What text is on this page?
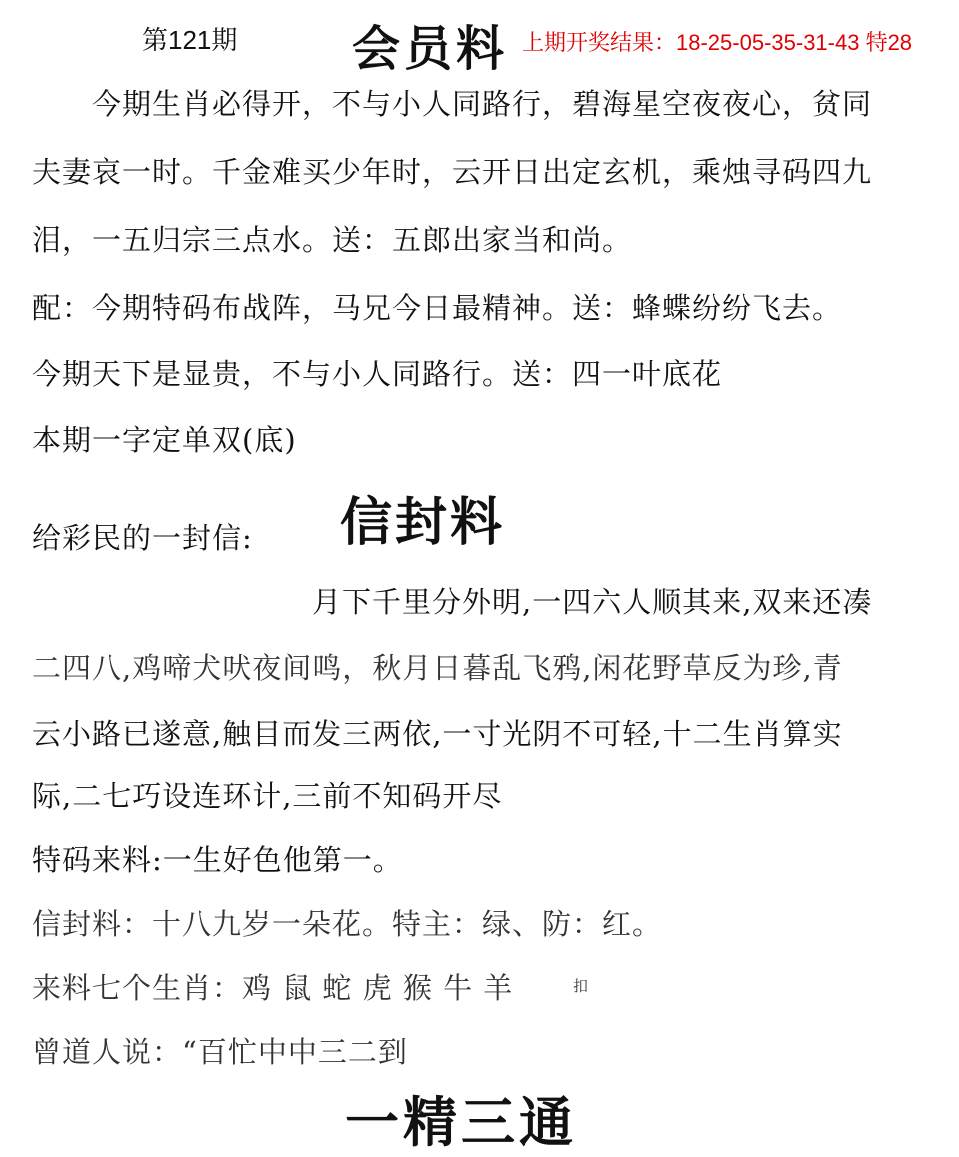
第121期 会员料 上期开奖结果：18-25-05-35-31-43 特28
今期生肖必得开，不与小人同路行，碧海星空夜夜心，贫同
夫妻哀一时。千金难买少年时，云开日出定玄机，乘烛寻码四九
泪，一五归宗三点水。送：五郎出家当和尚。
配：今期特码布战阵，马兄今日最精神。送：蜂蝶纷纷飞去。
今期天下是显贵，不与小人同路行。送：四一叶底花
本期一字定单双(底)
给彩民的一封信: 信封料
月下千里分外明,一四六人顺其来,双来还凑
二四八,鸡啼犬吠夜间鸣，秋月日暮乱飞鸦,闲花野草反为珍,青
云小路已遂意,触目而发三两依,一寸光阴不可轻,十二生肖算实
际,二七巧设连环计,三前不知码开尽
特码来料:一生好色他第一。
信封料：十八九岁一朵花。特主：绿、防：红。
来料七个生肖：鸡 鼠 蛇 虎 猴 牛 羊	扣
曾道人说：“百忙中中三二到
一精三通
